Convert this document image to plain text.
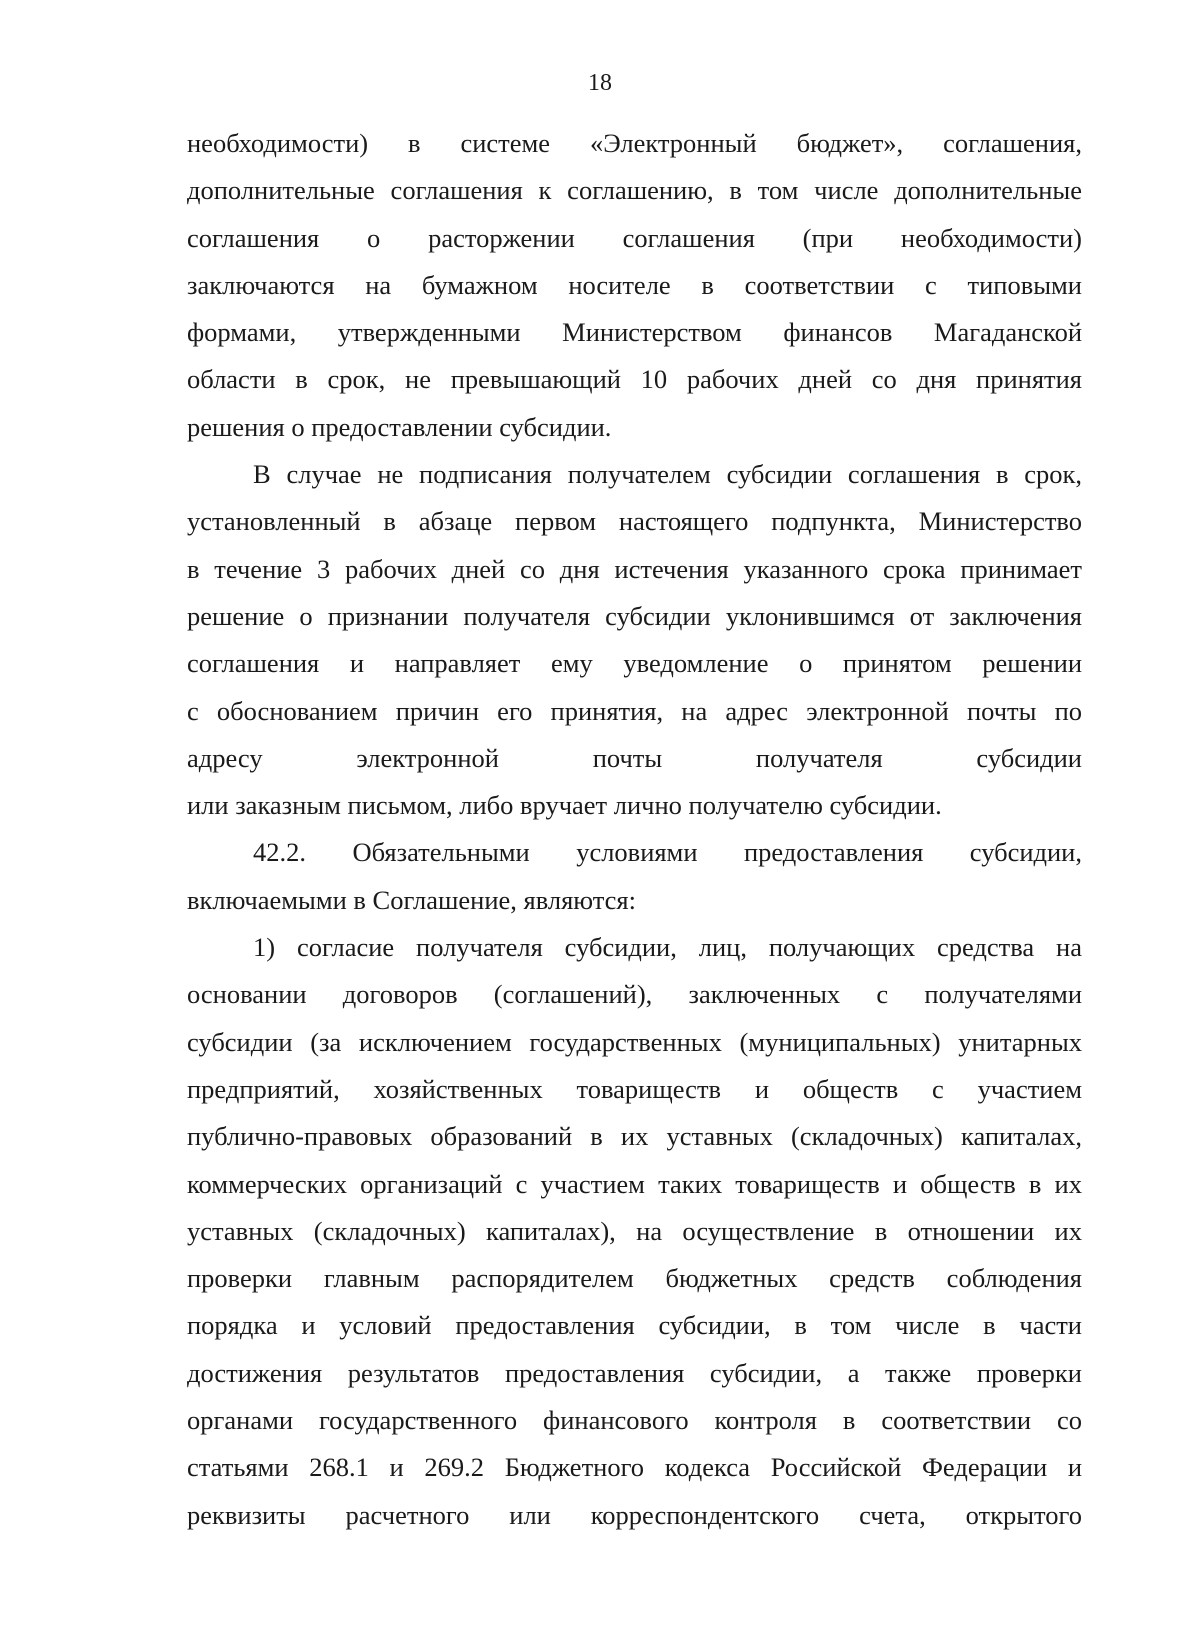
18
необходимости) в системе «Электронный бюджет», соглашения,
дополнительные соглашения к соглашению, в том числе дополнительные
соглашения о расторжении соглашения (при необходимости)
заключаются на бумажном носителе в соответствии с типовыми
формами, утвержденными Министерством финансов Магаданской
области в срок, не превышающий 10 рабочих дней со дня принятия
решения о предоставлении субсидии.
В случае не подписания получателем субсидии соглашения в срок,
установленный в абзаце первом настоящего подпункта, Министерство
в течение 3 рабочих дней со дня истечения указанного срока принимает
решение о признании получателя субсидии уклонившимся от заключения
соглашения и направляет ему уведомление о принятом решении
с обоснованием причин его принятия, на адрес электронной почты по
адресу электронной почты получателя субсидии
или заказным письмом, либо вручает лично получателю субсидии.
42.2. Обязательными условиями предоставления субсидии,
включаемыми в Соглашение, являются:
1) согласие получателя субсидии, лиц, получающих средства на
основании договоров (соглашений), заключенных с получателями
субсидии (за исключением государственных (муниципальных) унитарных
предприятий, хозяйственных товариществ и обществ с участием
публично-правовых образований в их уставных (складочных) капиталах,
коммерческих организаций с участием таких товариществ и обществ в их
уставных (складочных) капиталах), на осуществление в отношении их
проверки главным распорядителем бюджетных средств соблюдения
порядка и условий предоставления субсидии, в том числе в части
достижения результатов предоставления субсидии, а также проверки
органами государственного финансового контроля в соответствии со
статьями 268.1 и 269.2 Бюджетного кодекса Российской Федерации и
реквизиты расчетного или корреспондентского счета, открытого
